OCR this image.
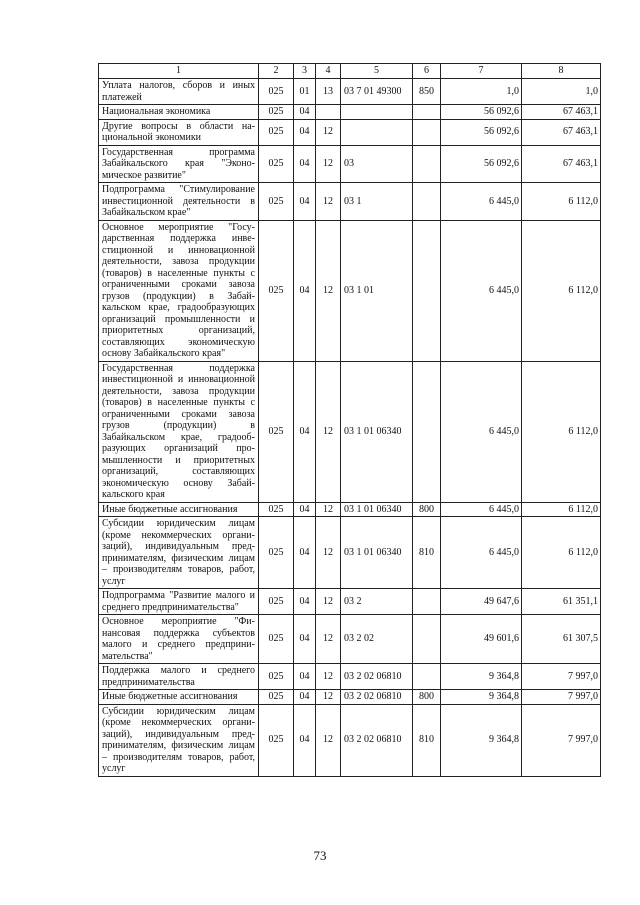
1	2	3	4	5	6	7	8
Уплата налогов, сборов и иных платежей	025	01	13	03 7 01 49300	850	1,0	1,0
Национальная экономика	025	04				56 092,6	67 463,1
Другие вопросы в области национальной экономики	025	04	12			56 092,6	67 463,1
Государственная программа Забайкальского края "Экономическое развитие"	025	04	12	03		56 092,6	67 463,1
Подпрограмма "Стимулирование инвестиционной деятельности в Забайкальском крае"	025	04	12	03 1		6 445,0	6 112,0
Основное мероприятие "Государственная поддержка инвестиционной и инновационной деятельности, завоза продукции (товаров) в населенные пункты с ограниченными сроками завоза грузов (продукции) в Забайкальском крае, градообразующих организаций промышленности и приоритетных организаций, составляющих экономическую основу Забайкальского края"	025	04	12	03 1 01		6 445,0	6 112,0
Государственная поддержка инвестиционной и инновационной деятельности, завоза продукции (товаров) в населенные пункты с ограниченными сроками завоза грузов (продукции) в Забайкальском крае, градообразующих организаций промышленности и приоритетных организаций, составляющих экономическую основу Забайкальского края	025	04	12	03 1 01 06340		6 445,0	6 112,0
Иные бюджетные ассигнования	025	04	12	03 1 01 06340	800	6 445,0	6 112,0
Субсидии юридическим лицам (кроме некоммерческих организаций), индивидуальным предпринимателям, физическим лицам – производителям товаров, работ, услуг	025	04	12	03 1 01 06340	810	6 445,0	6 112,0
Подпрограмма "Развитие малого и среднего предпринимательства"	025	04	12	03 2		49 647,6	61 351,1
Основное мероприятие "Финансовая поддержка субъектов малого и среднего предпринимательства"	025	04	12	03 2 02		49 601,6	61 307,5
Поддержка малого и среднего предпринимательства	025	04	12	03 2 02 06810		9 364,8	7 997,0
Иные бюджетные ассигнования	025	04	12	03 2 02 06810	800	9 364,8	7 997,0
Субсидии юридическим лицам (кроме некоммерческих организаций), индивидуальным предпринимателям, физическим лицам – производителям товаров, работ, услуг	025	04	12	03 2 02 06810	810	9 364,8	7 997,0
73
